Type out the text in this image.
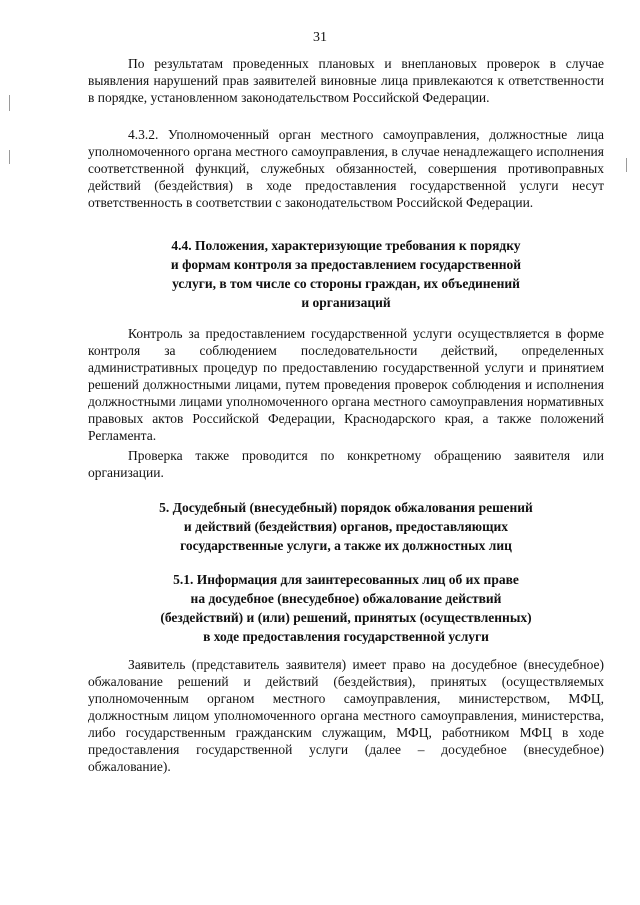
31

По результатам проведенных плановых и внеплановых проверок в случае выявления нарушений прав заявителей виновные лица привлекаются к ответственности в порядке, установленном законодательством Российской Федерации.

4.3.2. Уполномоченный орган местного самоуправления, должностные лица уполномоченного органа местного самоуправления, в случае ненадлежащего исполнения соответственной функций, служебных обязанностей, совершения противоправных действий (бездействия) в ходе предоставления государственной услуги несут ответственность в соответствии с законодательством Российской Федерации.

4.4. Положения, характеризующие требования к порядку
и формам контроля за предоставлением государственной
услуги, в том числе со стороны граждан, их объединений
и организаций

Контроль за предоставлением государственной услуги осуществляется в форме контроля за соблюдением последовательности действий, определенных административных процедур по предоставлению государственной услуги и принятием решений должностными лицами, путем проведения проверок соблюдения и исполнения должностными лицами уполномоченного органа местного самоуправления нормативных правовых актов Российской Федерации, Краснодарского края, а также положений Регламента.

Проверка также проводится по конкретному обращению заявителя или организации.

5. Досудебный (внесудебный) порядок обжалования решений
и действий (бездействия) органов, предоставляющих
государственные услуги, а также их должностных лиц

5.1. Информация для заинтересованных лиц об их праве
на досудебное (внесудебное) обжалование действий
(бездействий) и (или) решений, принятых (осуществленных)
в ходе предоставления государственной услуги

Заявитель (представитель заявителя) имеет право на досудебное (внесудебное) обжалование решений и действий (бездействия), принятых (осуществляемых уполномоченным органом местного самоуправления, министерством, МФЦ, должностным лицом уполномоченного органа местного самоуправления, министерства, либо государственным гражданским служащим, МФЦ, работником МФЦ в ходе предоставления государственной услуги (далее – досудебное (внесудебное) обжалование).
